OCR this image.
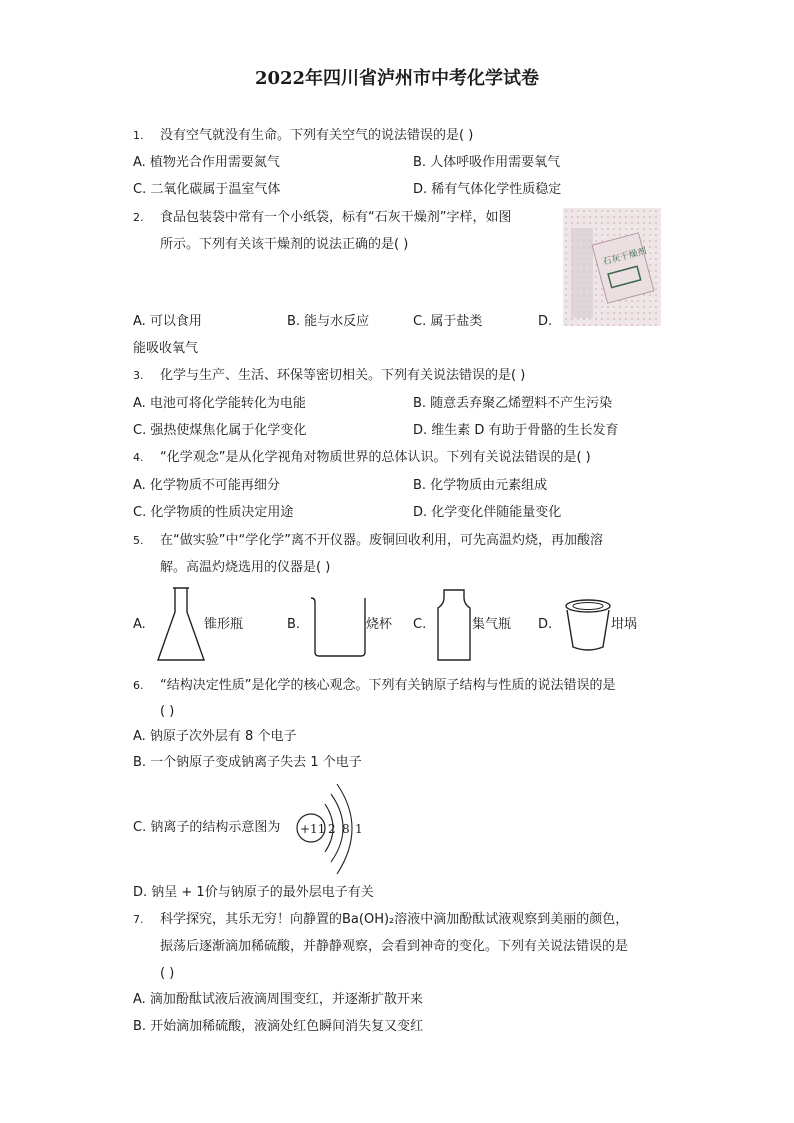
2022年四川省泸州市中考化学试卷
1. 没有空气就没有生命。下列有关空气的说法错误的是( )
A. 植物光合作用需要氮气	B. 人体呼吸作用需要氧气
C. 二氧化碳属于温室气体	D. 稀有气体化学性质稳定
2. 食品包装袋中常有一个小纸袋，标有“石灰干燥剂”字样，如图
所示。下列有关该干燥剂的说法正确的是( )
石灰干燥剂
A. 可以食用	B. 能与水反应	C. 属于盐类	D.
能吸收氧气
3. 化学与生产、生活、环保等密切相关。下列有关说法错误的是( )
A. 电池可将化学能转化为电能	B. 随意丢弃聚乙烯塑料不产生污染
C. 强热使煤焦化属于化学变化	D. 维生素 D 有助于骨骼的生长发育
4. “化学观念”是从化学视角对物质世界的总体认识。下列有关说法错误的是( )
A. 化学物质不可能再细分	B. 化学物质由元素组成
C. 化学物质的性质决定用途	D. 化学变化伴随能量变化
5. 在“做实验”中“学化学”离不开仪器。废铜回收利用，可先高温灼烧，再加酸溶
解。高温灼烧选用的仪器是( )
A.	锥形瓶	B.	烧杯 C.	集气瓶 D.	坩埚
6. “结构决定性质”是化学的核心观念。下列有关钠原子结构与性质的说法错误的是
( )
A. 钠原子次外层有 8 个电子
B. 一个钠原子变成钠离子失去 1 个电子
C. 钠离子的结构示意图为 +11 2 8 1
D. 钠呈 + 1价与钠原子的最外层电子有关
7. 科学探究，其乐无穷！向静置的Ba(OH)₂溶液中滴加酚酞试液观察到美丽的颜色，
振荡后逐渐滴加稀硫酸，并静静观察，会看到神奇的变化。下列有关说法错误的是
( )
A. 滴加酚酞试液后液滴周围变红，并逐渐扩散开来
B. 开始滴加稀硫酸，液滴处红色瞬间消失复又变红
